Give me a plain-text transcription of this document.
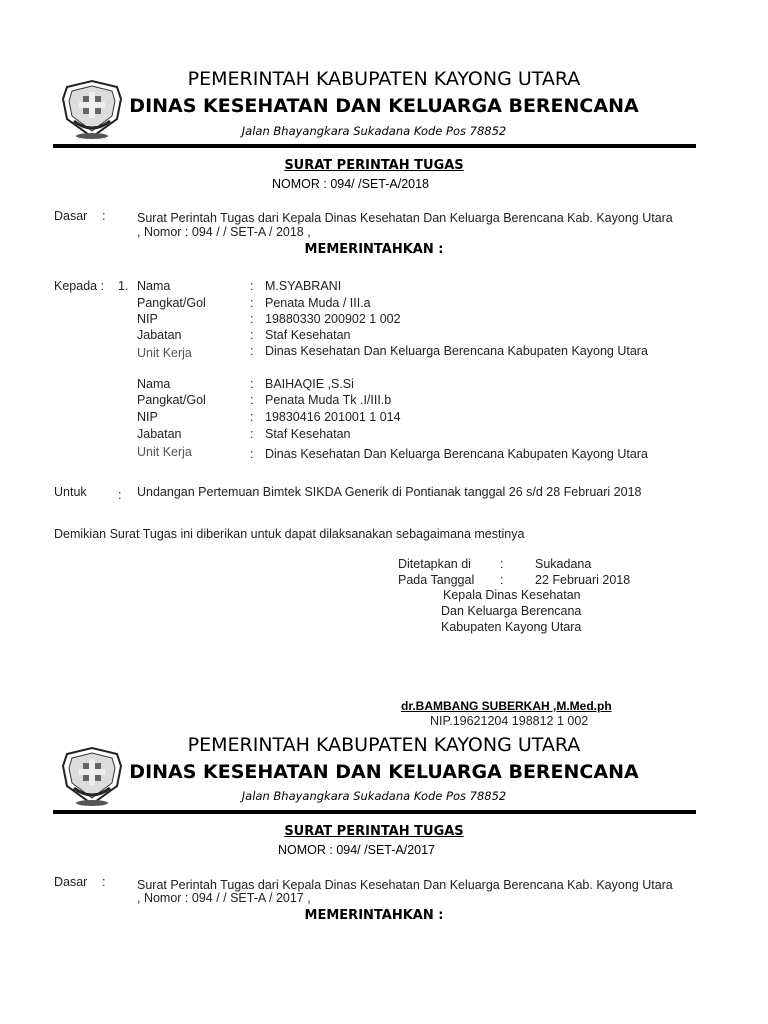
PEMERINTAH KABUPATEN KAYONG UTARA
DINAS KESEHATAN DAN KELUARGA BERENCANA
Jalan Bhayangkara Sukadana Kode Pos 78852
SURAT PERINTAH TUGAS
NOMOR : 094/ /SET-A/2018
Dasar :	Surat Perintah Tugas dari Kepala Dinas Kesehatan Dan Keluarga Berencana Kab. Kayong Utara
, Nomor : 094 / / SET-A / 2018 ,
MEMERINTAHKAN :
Kepada : 1. Nama	: M.SYABRANI
Pangkat/Gol	: Penata Muda / III.a
NIP	: 19880330 200902 1 002
Jabatan	: Staf Kesehatan
Unit Kerja	: Dinas Kesehatan Dan Keluarga Berencana Kabupaten Kayong Utara
Nama	: BAIHAQIE ,S.Si
Pangkat/Gol	: Penata Muda Tk .I/III.b
NIP	: 19830416 201001 1 014
Jabatan	: Staf Kesehatan
Unit Kerja	: Dinas Kesehatan Dan Keluarga Berencana Kabupaten Kayong Utara
Untuk	: Undangan Pertemuan Bimtek SIKDA Generik di Pontianak tanggal 26 s/d 28 Februari 2018
Demikian Surat Tugas ini diberikan untuk dapat dilaksanakan sebagaimana mestinya
Ditetapkan di :	Sukadana
Pada Tanggal :	22 Februari 2018
Kepala Dinas Kesehatan
Dan Keluarga Berencana
Kabupaten Kayong Utara
dr.BAMBANG SUBERKAH ,M.Med.ph
NIP.19621204 198812 1 002
PEMERINTAH KABUPATEN KAYONG UTARA
DINAS KESEHATAN DAN KELUARGA BERENCANA
Jalan Bhayangkara Sukadana Kode Pos 78852
SURAT PERINTAH TUGAS
NOMOR : 094/ /SET-A/2017
Dasar :	Surat Perintah Tugas dari Kepala Dinas Kesehatan Dan Keluarga Berencana Kab. Kayong Utara
, Nomor : 094 / / SET-A / 2017 ,
MEMERINTAHKAN :
